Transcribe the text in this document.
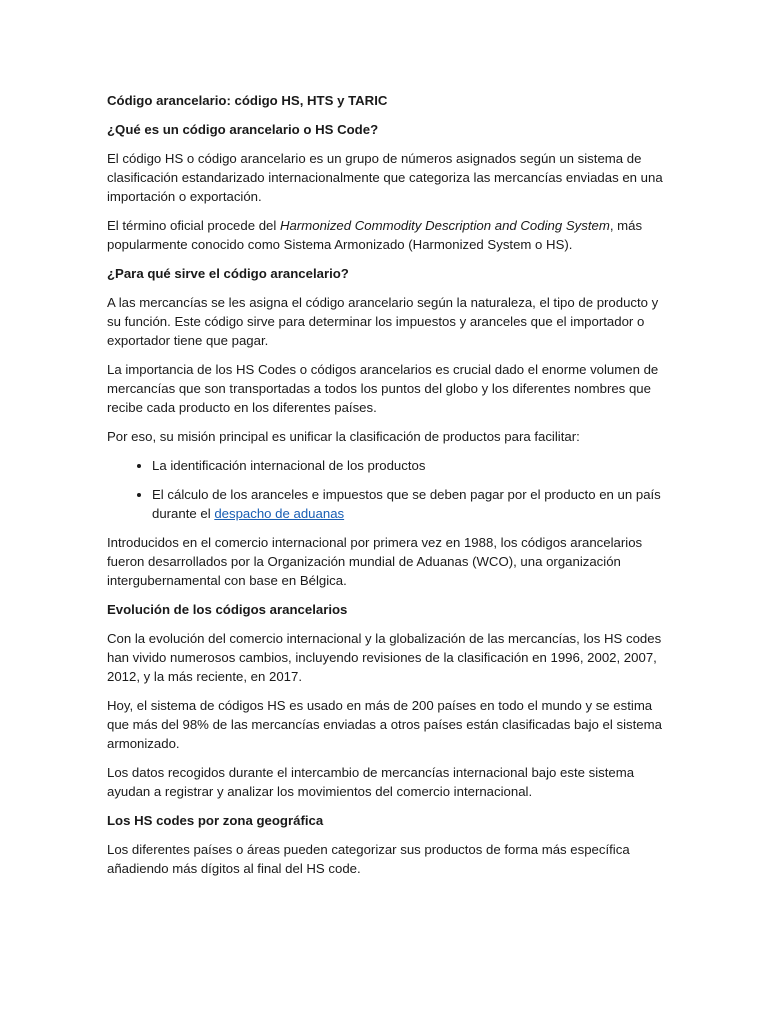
Código arancelario: código HS, HTS y TARIC

¿Qué es un código arancelario o HS Code?

El código HS o código arancelario es un grupo de números asignados según un sistema de clasificación estandarizado internacionalmente que categoriza las mercancías enviadas en una importación o exportación.

El término oficial procede del Harmonized Commodity Description and Coding System, más popularmente conocido como Sistema Armonizado (Harmonized System o HS).

¿Para qué sirve el código arancelario?

A las mercancías se les asigna el código arancelario según la naturaleza, el tipo de producto y su función. Este código sirve para determinar los impuestos y aranceles que el importador o exportador tiene que pagar.

La importancia de los HS Codes o códigos arancelarios es crucial dado el enorme volumen de mercancías que son transportadas a todos los puntos del globo y los diferentes nombres que recibe cada producto en los diferentes países.

Por eso, su misión principal es unificar la clasificación de productos para facilitar:

• La identificación internacional de los productos
• El cálculo de los aranceles e impuestos que se deben pagar por el producto en un país durante el despacho de aduanas

Introducidos en el comercio internacional por primera vez en 1988, los códigos arancelarios fueron desarrollados por la Organización mundial de Aduanas (WCO), una organización intergubernamental con base en Bélgica.

Evolución de los códigos arancelarios

Con la evolución del comercio internacional y la globalización de las mercancías, los HS codes han vivido numerosos cambios, incluyendo revisiones de la clasificación en 1996, 2002, 2007, 2012, y la más reciente, en 2017.

Hoy, el sistema de códigos HS es usado en más de 200 países en todo el mundo y se estima que más del 98% de las mercancías enviadas a otros países están clasificadas bajo el sistema armonizado.

Los datos recogidos durante el intercambio de mercancías internacional bajo este sistema ayudan a registrar y analizar los movimientos del comercio internacional.

Los HS codes por zona geográfica

Los diferentes países o áreas pueden categorizar sus productos de forma más específica añadiendo más dígitos al final del HS code.
